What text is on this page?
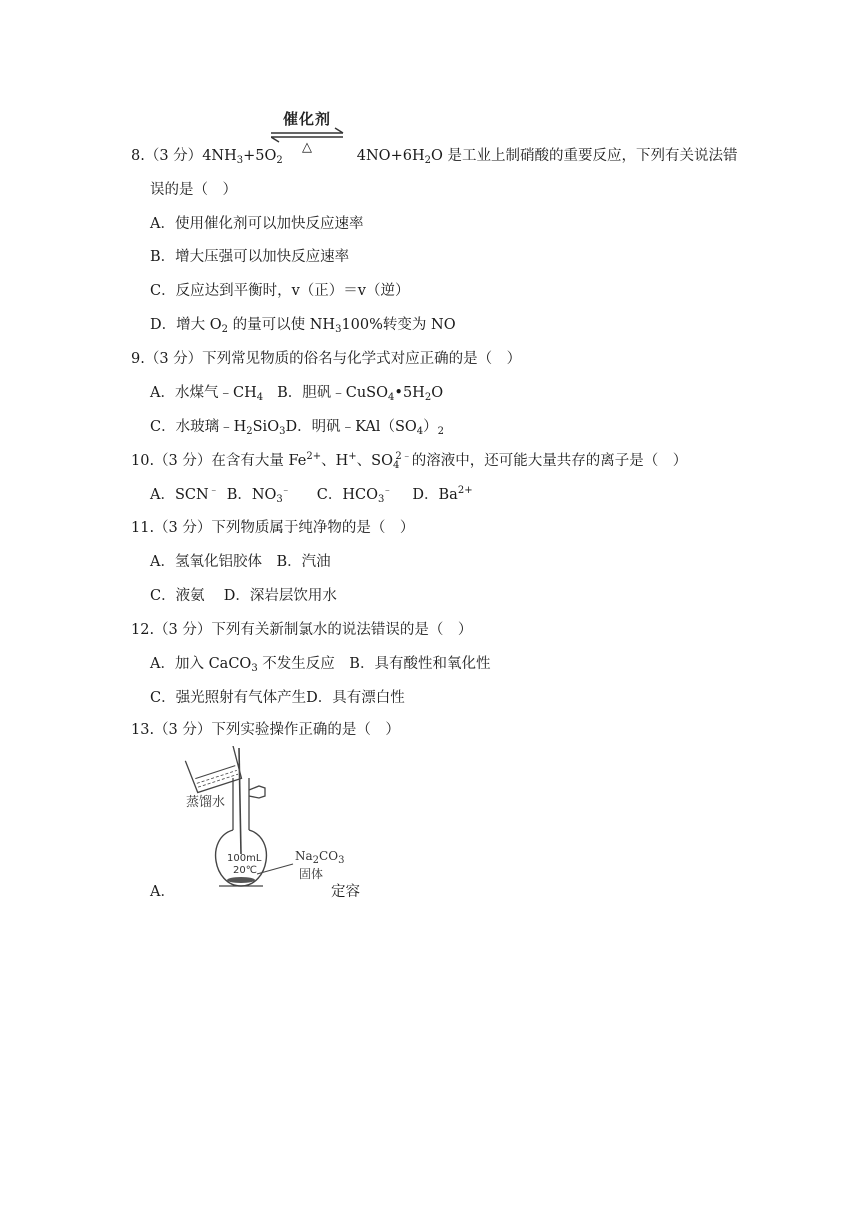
催化剂
△
8.（3 分）$4NH_3+5O_2$	$4NO+6H_2O$ 是工业上制硝酸的重要反应，下列有关说法错
误的是（　）
A．使用催化剂可以加快反应速率
B．增大压强可以加快反应速率
C．反应达到平衡时，v（正）＝v（逆）
D．增大 $O_2$ 的量可以使 $NH_3100\%$转变为 NO
9.（3 分）下列常见物质的俗名与化学式对应正确的是（　）
A．水煤气$﹣CH_4$ B．胆矾$﹣CuSO_4•5H_2O$
C．水玻璃$﹣H_2SiO_3D$．明矾$﹣KAl(SO_4)_2$
10.（3 分）在含有大量 $Fe^{2+}$、H+、$SO_4^{2﹣}$的溶液中，还可能大量共存的离子是（　）
A．SCN﹣ B．$NO_3^﹣$ C．$HCO_3^﹣$ D．$Ba^{2+}$
11.（3 分）下列物质属于纯净物的是（　）
A．氢氧化铝胶体　B．汽油
C．液氨　 D．深岩层饮用水
12.（3 分）下列有关新制氯水的说法错误的是（　）
A．加入 CaCO$_3$ 不发生反应　B．具有酸性和氧化性
C．强光照射有气体产生D．具有漂白性
13.（3 分）下列实验操作正确的是（　）
蒸馏水
100mL
20℃
$Na_2CO_3$
固体
A．	定容
